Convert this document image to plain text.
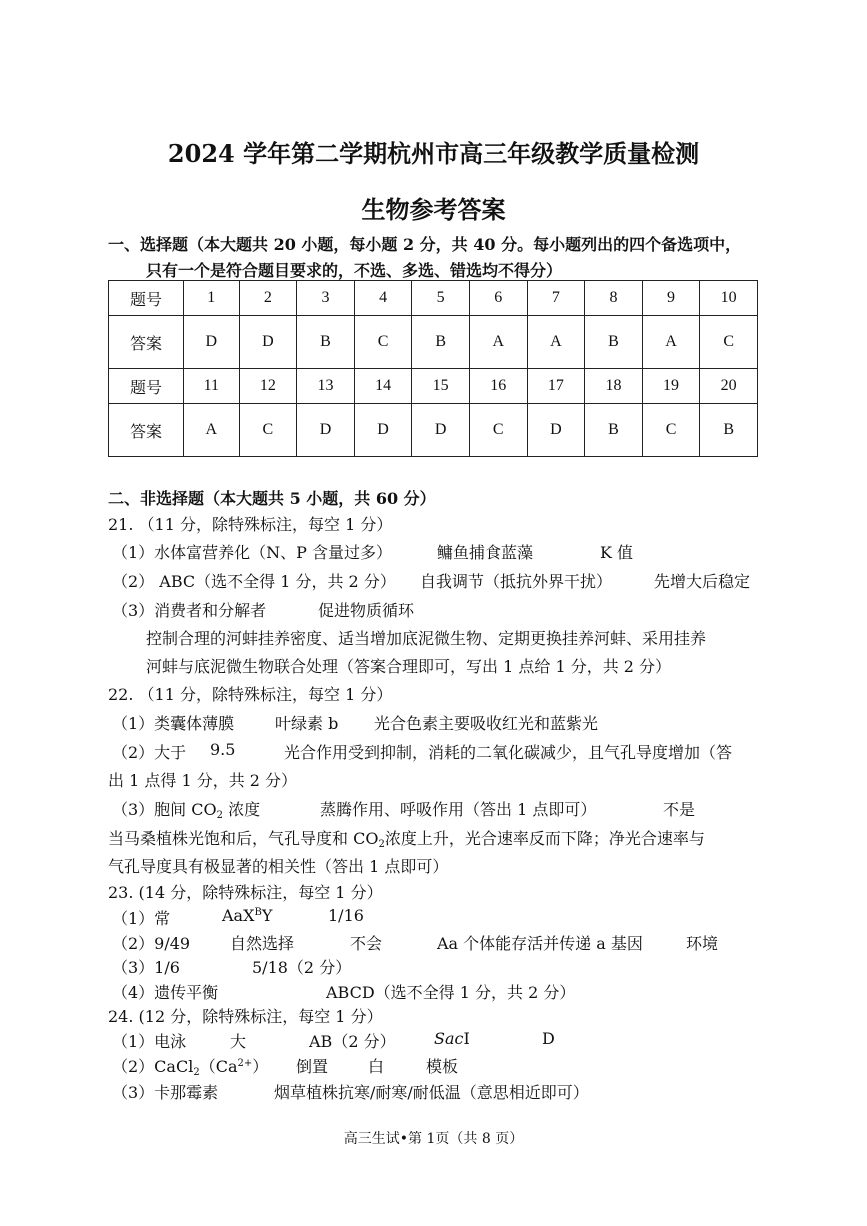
2024 学年第二学期杭州市高三年级教学质量检测
生物参考答案
一、选择题（本大题共 20 小题，每小题 2 分，共 40 分。每小题列出的四个备选项中，
只有一个是符合题目要求的，不选、多选、错选均不得分）
题号	1	2	3	4	5	6	7	8	9	10
答案	D	D	B	C	B	A	A	B	A	C
题号	11	12	13	14	15	16	17	18	19	20
答案	A	C	D	D	D	C	D	B	C	B
二、非选择题（本大题共 5 小题，共 60 分）
21. （11 分，除特殊标注，每空 1 分）
（1）水体富营养化（N、P 含量过多）	鳙鱼捕食蓝藻	K 值
（2） ABC（选不全得 1 分，共 2 分） 自我调节（抵抗外界干扰）	先增大后稳定
（3）消费者和分解者	促进物质循环
控制合理的河蚌挂养密度、适当增加底泥微生物、定期更换挂养河蚌、采用挂养
河蚌与底泥微生物联合处理（答案合理即可，写出 1 点给 1 分，共 2 分）
22. （11 分，除特殊标注，每空 1 分）
（1）类囊体薄膜	叶绿素 b 光合色素主要吸收红光和蓝紫光
（2）大于 9.5	光合作用受到抑制，消耗的二氧化碳减少，且气孔导度增加（答
出 1 点得 1 分，共 2 分）
（3）胞间 $CO_2$ 浓度	蒸腾作用、呼吸作用（答出 1 点即可）	不是
当马桑植株光饱和后，气孔导度和 $CO_2$浓度上升，光合速率反而下降；净光合速率与
气孔导度具有极显著的相关性（答出 1 点即可）
23. (14 分，除特殊标注，每空 1 分）
（1）常	AaX$^B$Y	1/16
（2）9/49 自然选择	不会	Aa 个体能存活并传递 a 基因	环境
（3）1/6	5/18（2 分）
（4）遗传平衡	ABCD（选不全得 1 分，共 2 分）
24. (12 分，除特殊标注，每空 1 分）
（1）电泳	大	AB（2 分） SacI	D
$(2)CaCl_2(Ca^{2+})$ 倒置 白	模板
（3）卡那霉素	烟草植株抗寒/耐寒/耐低温（意思相近即可）
高三生试•第 1页（共 8 页）
